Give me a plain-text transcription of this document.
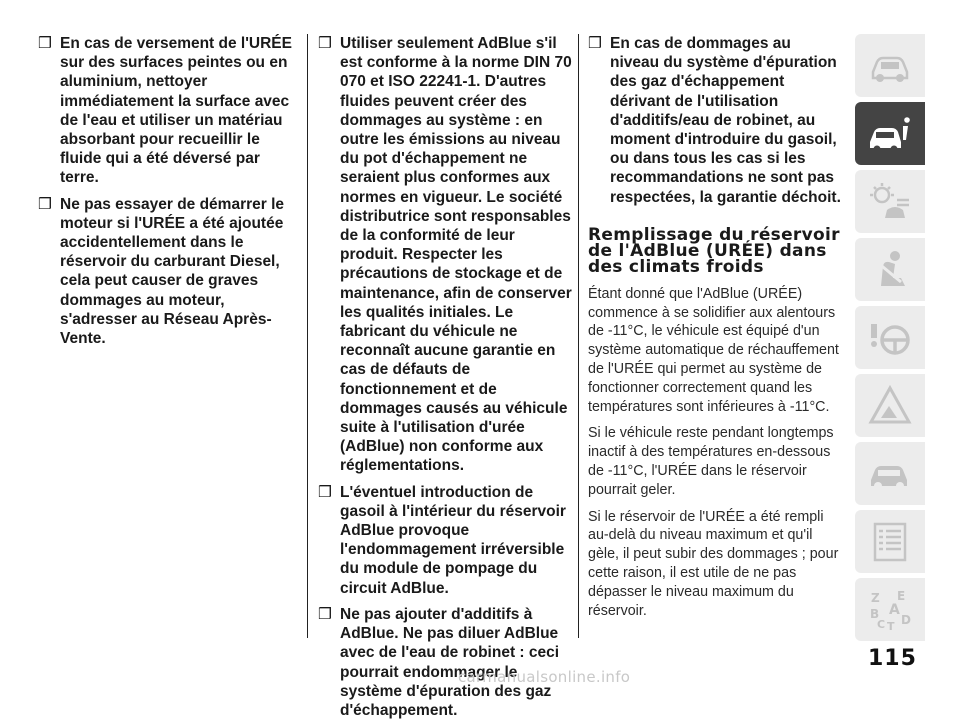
❒ En cas de versement de l'URÉE sur des surfaces peintes ou en aluminium, nettoyer immédiatement la surface avec de l'eau et utiliser un matériau absorbant pour recueillir le fluide qui a été déversé par terre.

❒ Ne pas essayer de démarrer le moteur si l'URÉE a été ajoutée accidentellement dans le réservoir du carburant Diesel, cela peut causer de graves dommages au moteur, s'adresser au Réseau Après-Vente.

❒ Utiliser seulement AdBlue s'il est conforme à la norme DIN 70 070 et ISO 22241-1. D'autres fluides peuvent créer des dommages au système : en outre les émissions au niveau du pot d'échappement ne seraient plus conformes aux normes en vigueur. Le société distributrice sont responsables de la conformité de leur produit. Respecter les précautions de stockage et de maintenance, afin de conserver les qualités initiales. Le fabricant du véhicule ne reconnaît aucune garantie en cas de défauts de fonctionnement et de dommages causés au véhicule suite à l'utilisation d'urée (AdBlue) non conforme aux réglementations.

❒ L'éventuel introduction de gasoil à l'intérieur du réservoir AdBlue provoque l'endommagement irréversible du module de pompage du circuit AdBlue.

❒ Ne pas ajouter d'additifs à AdBlue. Ne pas diluer AdBlue avec de l'eau de robinet : ceci pourrait endommager le système d'épuration des gaz d'échappement.

❒ En cas de dommages au niveau du système d'épuration des gaz d'échappement dérivant de l'utilisation d'additifs/eau de robinet, au moment d'introduire du gasoil, ou dans tous les cas si les recommandations ne sont pas respectées, la garantie déchoit.

Remplissage du réservoir de l'AdBlue (URÉE) dans des climats froids

Étant donné que l'AdBlue (URÉE) commence à se solidifier aux alentours de -11°C, le véhicule est équipé d'un système automatique de réchauffement de l'URÉE qui permet au système de fonctionner correctement quand les températures sont inférieures à -11°C.

Si le véhicule reste pendant longtemps inactif à des températures en-dessous de -11°C, l'URÉE dans le réservoir pourrait geler.

Si le réservoir de l'URÉE a été rempli au-delà du niveau maximum et qu'il gèle, il peut subir des dommages ; pour cette raison, il est utile de ne pas dépasser le niveau maximum du réservoir.

Z E
A
B
C T D
115
carmanualsonline.info
